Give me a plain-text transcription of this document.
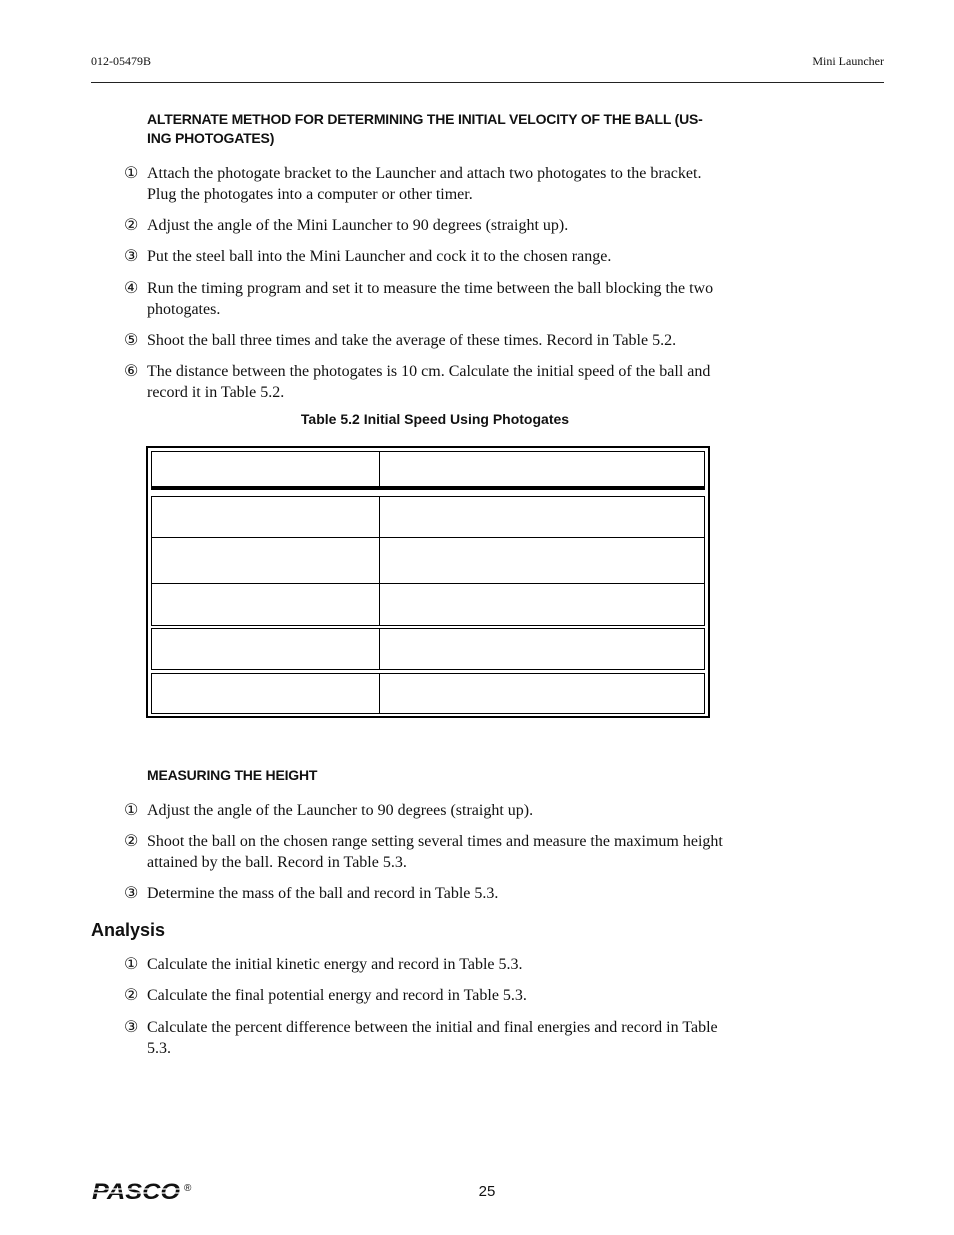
012-05479B	Mini Launcher
ALTERNATE METHOD FOR DETERMINING THE INITIAL VELOCITY OF THE BALL (US-
ING PHOTOGATES)
① Attach the photogate bracket to the Launcher and attach two photogates to the bracket.
Plug the photogates into a computer or other timer.
② Adjust the angle of the Mini Launcher to 90 degrees (straight up).
③ Put the steel ball into the Mini Launcher and cock it to the chosen range.
④ Run the timing program and set it to measure the time between the ball blocking the two
photogates.
⑤ Shoot the ball three times and take the average of these times. Record in Table 5.2.
⑥ The distance between the photogates is 10 cm. Calculate the initial speed of the ball and
record it in Table 5.2.
Table 5.2 Initial Speed Using Photogates
MEASURING THE HEIGHT
① Adjust the angle of the Launcher to 90 degrees (straight up).
② Shoot the ball on the chosen range setting several times and measure the maximum height
attained by the ball. Record in Table 5.3.
③ Determine the mass of the ball and record in Table 5.3.
Analysis
① Calculate the initial kinetic energy and record in Table 5.3.
② Calculate the final potential energy and record in Table 5.3.
③ Calculate the percent difference between the initial and final energies and record in Table
5.3.
PASCO ®	25
